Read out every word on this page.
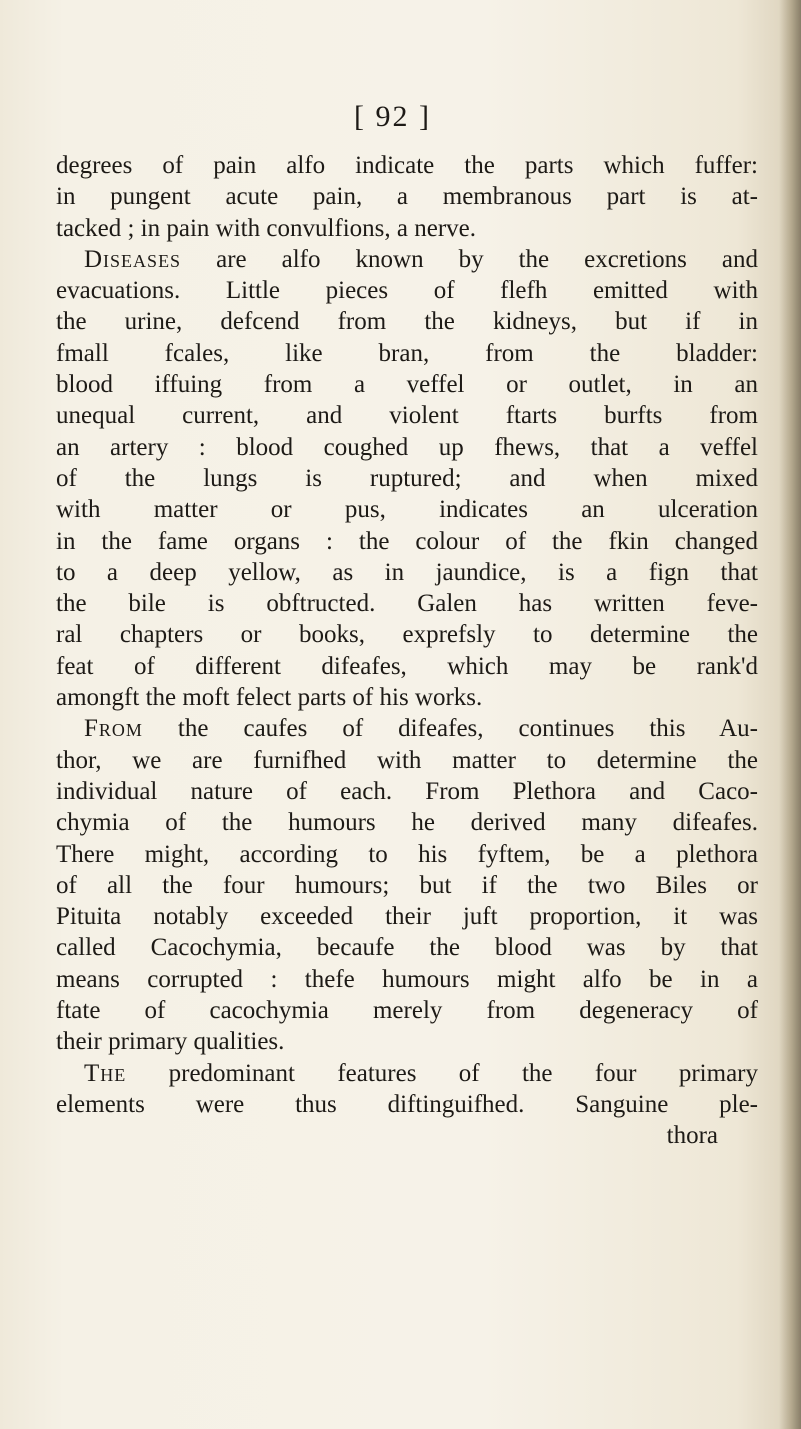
[ 92 ]
degrees of pain alfo indicate the parts which fuffer:
in pungent acute pain, a membranous part is at-
tacked ; in pain with convulfions, a nerve.
Diseases are alfo known by the excretions and
evacuations. Little pieces of flefh emitted with
the urine, defcend from the kidneys, but if in
fmall fcales, like bran, from the bladder:
blood iffuing from a veffel or outlet, in an
unequal current, and violent ftarts burfts from
an artery : blood coughed up fhews, that a veffel
of the lungs is ruptured; and when mixed
with matter or pus, indicates an ulceration
in the fame organs : the colour of the fkin changed
to a deep yellow, as in jaundice, is a fign that
the bile is obftructed. Galen has written feve-
ral chapters or books, exprefsly to determine the
feat of different difeafes, which may be rank'd
amongft the moft felect parts of his works.
From the caufes of difeafes, continues this Au-
thor, we are furnifhed with matter to determine the
individual nature of each. From Plethora and Caco-
chymia of the humours he derived many difeafes.
There might, according to his fyftem, be a plethora
of all the four humours; but if the two Biles or
Pituita notably exceeded their juft proportion, it was
called Cacochymia, becaufe the blood was by that
means corrupted : thefe humours might alfo be in a
ftate of cacochymia merely from degeneracy of
their primary qualities.
The predominant features of the four primary
elements were thus diftinguifhed. Sanguine ple-
thora
